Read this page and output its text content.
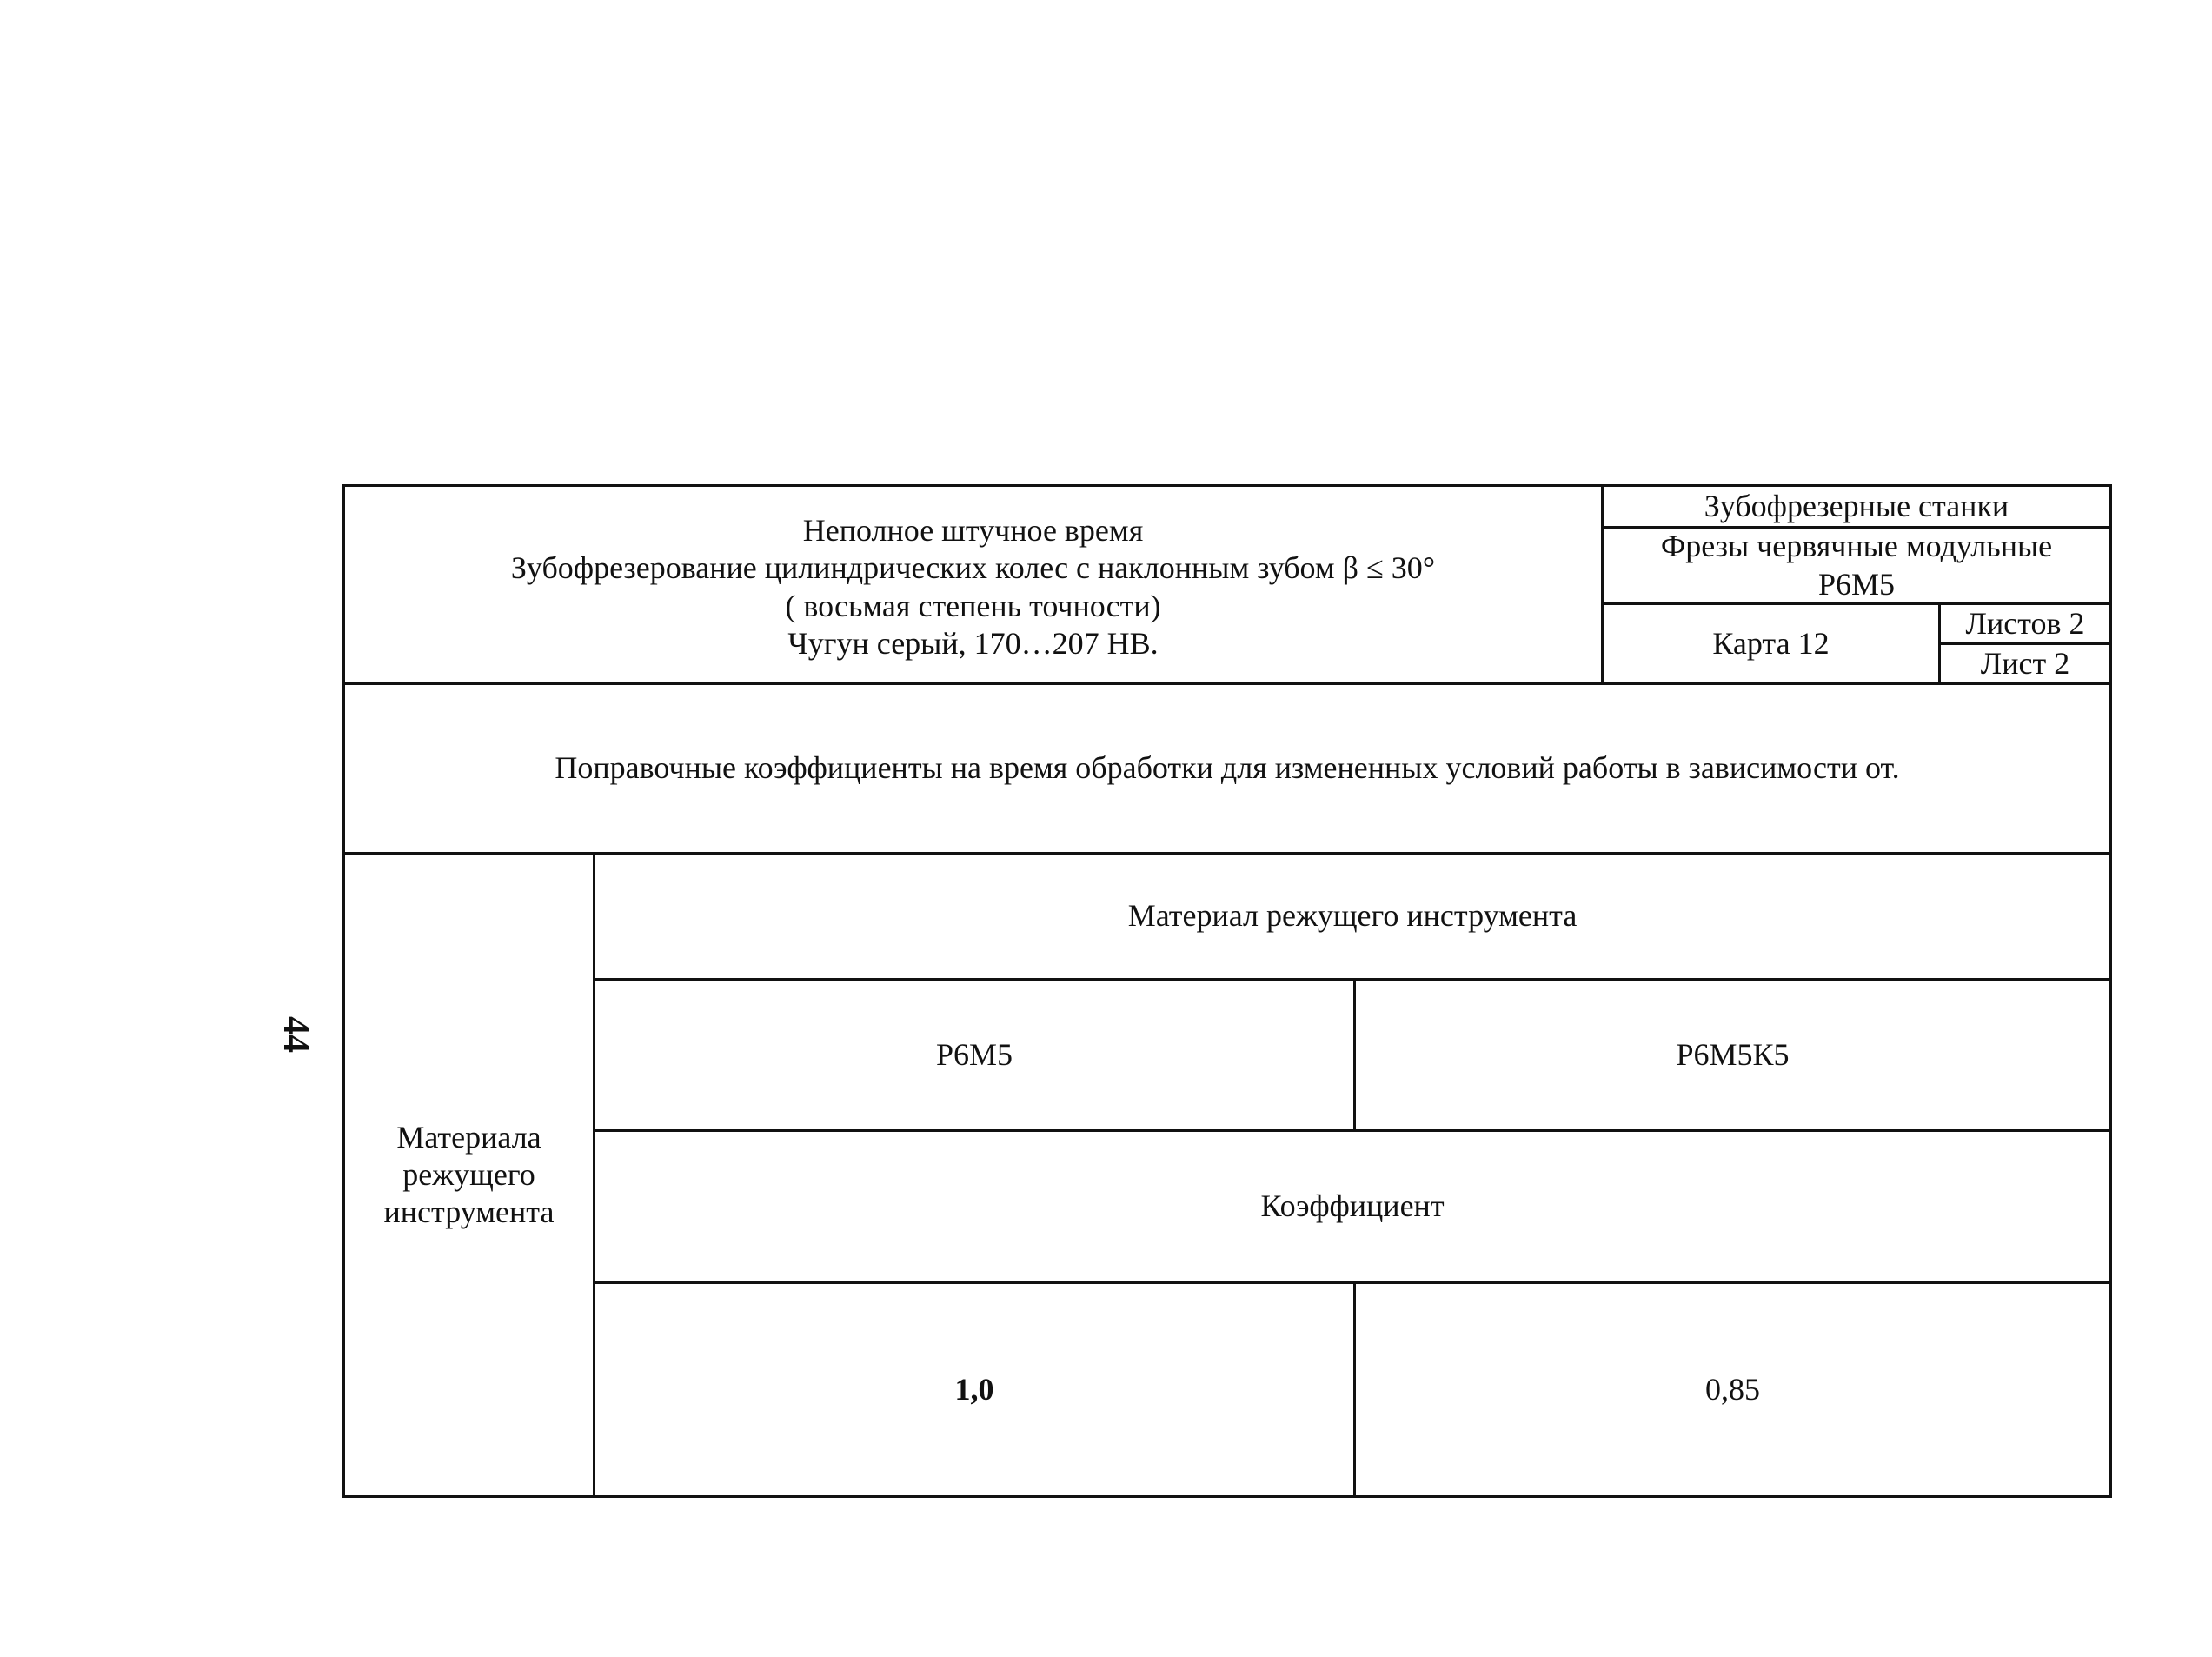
44
Неполное штучное время
Зубофрезерование цилиндрических колес с наклонным зубом β ≤ 30°
( восьмая степень точности)
Чугун серый, 170…207 НВ.
Зубофрезерные станки
Фрезы червячные модульные
Р6М5
Карта 12
Листов 2
Лист 2
Поправочные коэффициенты на время обработки для измененных условий работы в зависимости от.
Материала
режущего
инструмента
Материал режущего инструмента
Р6М5	Р6М5К5
Коэффициент
1,0	0,85
